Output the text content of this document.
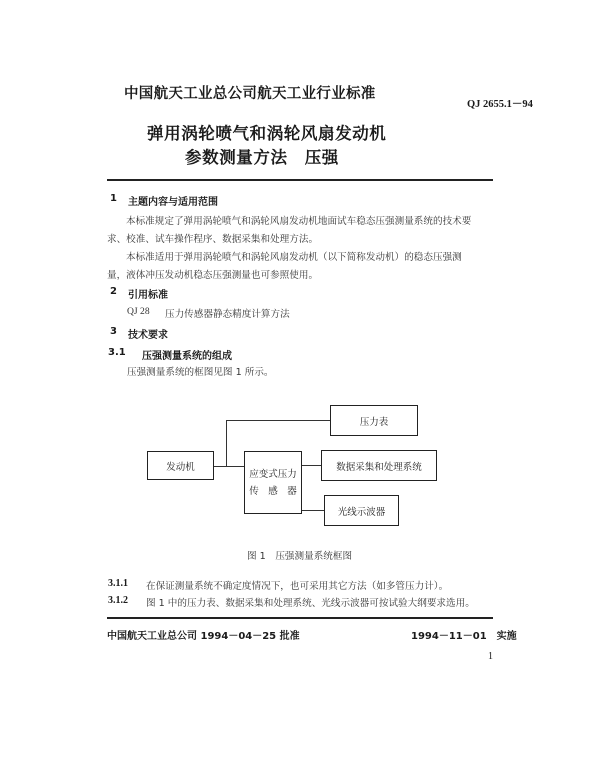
中国航天工业总公司航天工业行业标准
QJ 2655.1－94
弹用涡轮喷气和涡轮风扇发动机
参数测量方法　压强
1 主题内容与适用范围
本标准规定了弹用涡轮喷气和涡轮风扇发动机地面试车稳态压强测量系统的技术要
求、校准、试车操作程序、数据采集和处理方法。
本标准适用于弹用涡轮喷气和涡轮风扇发动机（以下简称发动机）的稳态压强测
量，液体冲压发动机稳态压强测量也可参照使用。
2 引用标准
QJ 28 压力传感器静态精度计算方法
3 技术要求
3.1 压强测量系统的组成
压强测量系统的框图见图 1 所示。
发动机
应变式压力
传　感　器
压力表
数据采集和处理系统
光线示波器
图 1　压强测量系统框图
3.1.1 在保证测量系统不确定度情况下，也可采用其它方法（如多管压力计）。
3.1.2 图 1 中的压力表、数据采集和处理系统、光线示波器可按试验大纲要求选用。
中国航天工业总公司 1994－04－25 批准	1994－11－01　实施
1
